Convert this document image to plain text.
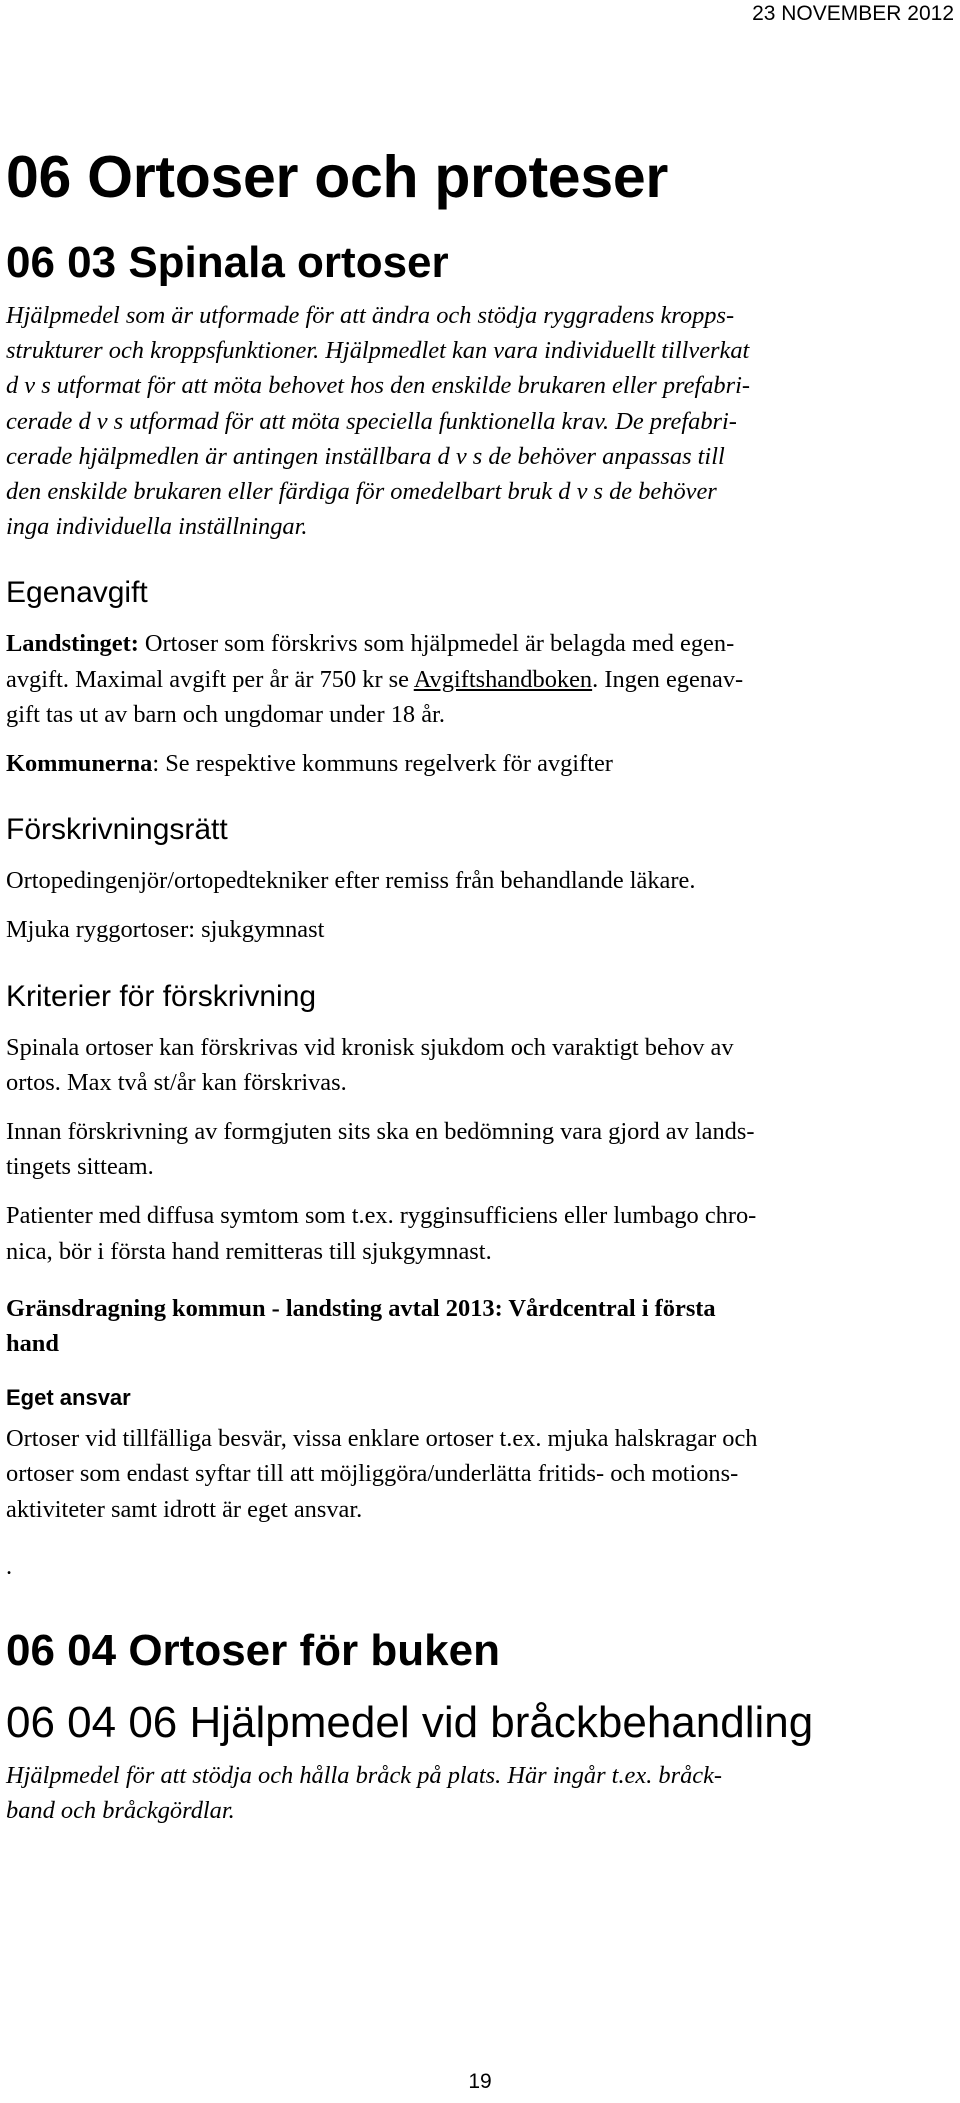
23 NOVEMBER 2012
06 Ortoser och proteser
06 03 Spinala ortoser
Hjälpmedel som är utformade för att ändra och stödja ryggradens kropps-
strukturer och kroppsfunktioner. Hjälpmedlet kan vara individuellt tillverkat
d v s utformat för att möta behovet hos den enskilde brukaren eller prefabri-
cerade d v s utformad för att möta speciella funktionella krav. De prefabri-
cerade hjälpmedlen är antingen inställbara d v s de behöver anpassas till
den enskilde brukaren eller färdiga för omedelbart bruk d v s de behöver
inga individuella inställningar.
Egenavgift
Landstinget: Ortoser som förskrivs som hjälpmedel är belagda med egen-
avgift. Maximal avgift per år är 750 kr se Avgiftshandboken. Ingen egenav-
gift tas ut av barn och ungdomar under 18 år.
Kommunerna: Se respektive kommuns regelverk för avgifter
Förskrivningsrätt
Ortopedingenjör/ortopedtekniker efter remiss från behandlande läkare.
Mjuka ryggortoser: sjukgymnast
Kriterier för förskrivning
Spinala ortoser kan förskrivas vid kronisk sjukdom och varaktigt behov av
ortos. Max två st/år kan förskrivas.
Innan förskrivning av formgjuten sits ska en bedömning vara gjord av lands-
tingets sitteam.
Patienter med diffusa symtom som t.ex. rygginsufficiens eller lumbago chro-
nica, bör i första hand remitteras till sjukgymnast.
Gränsdragning kommun - landsting avtal 2013: Vårdcentral i första
hand
Eget ansvar
Ortoser vid tillfälliga besvär, vissa enklare ortoser t.ex. mjuka halskragar och
ortoser som endast syftar till att möjliggöra/underlätta fritids- och motions-
aktiviteter samt idrott är eget ansvar.
.
06 04 Ortoser för buken
06 04 06 Hjälpmedel vid bråckbehandling
Hjälpmedel för att stödja och hålla bråck på plats. Här ingår t.ex. bråck-
band och bråckgördlar.
19
